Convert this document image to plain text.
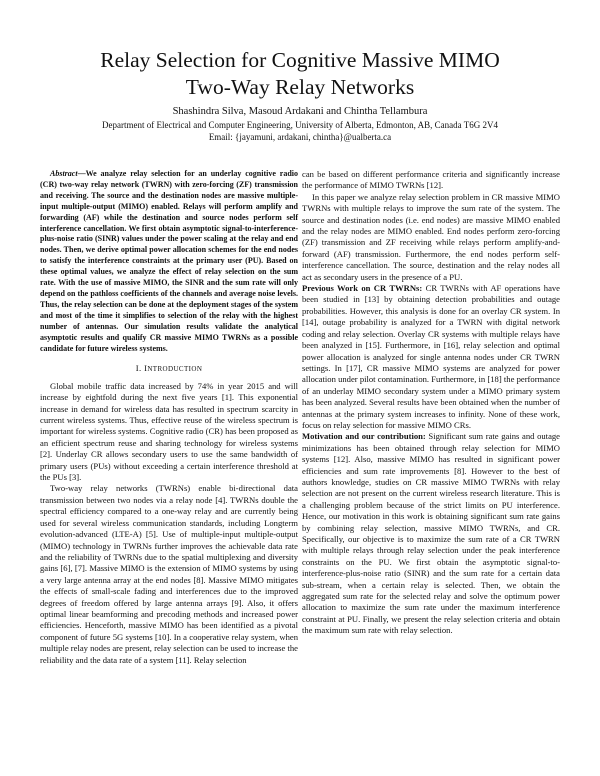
Relay Selection for Cognitive Massive MIMO
Two-Way Relay Networks
Shashindra Silva, Masoud Ardakani and Chintha Tellambura
Department of Electrical and Computer Engineering, University of Alberta, Edmonton, AB, Canada T6G 2V4
Email: {jayamuni, ardakani, chintha}@ualberta.ca

Abstract—We analyze relay selection for an underlay cognitive radio (CR) two-way relay network (TWRN) with zero-forcing (ZF) transmission and receiving. The source and the destination nodes are massive multiple-input multiple-output (MIMO) enabled. Relays will perform amplify and forwarding (AF) while the destination and source nodes perform self interference cancellation. We first obtain asymptotic signal-to-interference-plus-noise ratio (SINR) values under the power scaling at the relay and end nodes. Then, we derive optimal power allocation schemes for the end nodes to satisfy the interference constraints at the primary user (PU). Based on these optimal values, we analyze the effect of relay selection on the sum rate. With the use of massive MIMO, the SINR and the sum rate will only depend on the pathloss coefficients of the channels and average noise levels. Thus, the relay selection can be done at the deployment stages of the system and most of the time it simplifies to selection of the relay with the highest number of antennas. Our simulation results validate the analytical asymptotic results and qualify CR massive MIMO TWRNs as a possible candidate for future wireless systems.

I. INTRODUCTION

Global mobile traffic data increased by 74% in year 2015 and will increase by eightfold during the next five years [1]. This exponential increase in demand for wireless data has resulted in spectrum scarcity in current wireless systems. Thus, effective reuse of the wireless spectrum is important for wireless systems. Cognitive radio (CR) has been proposed as an efficient spectrum reuse and sharing technology for wireless systems [2]. Underlay CR allows secondary users to use the same bandwidth of primary users (PUs) without exceeding a certain interference threshold at the PUs [3].

Two-way relay networks (TWRNs) enable bi-directional data transmission between two nodes via a relay node [4]. TWRNs double the spectral efficiency compared to a one-way relay and are currently being used for several wireless communication standards, including Longterm evolution-advanced (LTE-A) [5]. Use of multiple-input multiple-output (MIMO) technology in TWRNs further improves the achievable data rate and the reliability of TWRNs due to the spatial multiplexing and diversity gains [6], [7]. Massive MIMO is the extension of MIMO systems by using a very large antenna array at the end nodes [8]. Massive MIMO mitigates the effects of small-scale fading and interferences due to the improved degrees of freedom offered by large antenna arrays [9]. Also, it offers optimal linear beamforming and precoding methods and increased power efficiencies. Henceforth, massive MIMO has been identified as a pivotal component of future 5G systems [10]. In a cooperative relay system, when multiple relay nodes are present, relay selection can be used to increase the reliability and the data rate of a system [11]. Relay selection

can be based on different performance criteria and significantly increase the performance of MIMO TWRNs [12].

In this paper we analyze relay selection problem in CR massive MIMO TWRNs with multiple relays to improve the sum rate of the system. The source and destination nodes (i.e. end nodes) are massive MIMO enabled and the relay nodes are MIMO enabled. End nodes perform zero-forcing (ZF) transmission and ZF receiving while relays perform amplify-and-forward (AF) transmission. Furthermore, the end nodes perform self-interference cancellation. The source, destination and the relay nodes all act as secondary users in the presence of a PU.

Previous Work on CR TWRNs: CR TWRNs with AF operations have been studied in [13] by obtaining detection probabilities and outage probabilities. However, this analysis is done for an overlay CR system. In [14], outage probability is analyzed for a TWRN with digital network coding and relay selection. Overlay CR systems with multiple relays have been analyzed in [15]. Furthermore, in [16], relay selection and optimal power allocation is analyzed for single antenna nodes under CR TWRN settings. In [17], CR massive MIMO systems are analyzed for power allocation under pilot contamination. Furthermore, in [18] the performance of an underlay MIMO secondary system under a MIMO primary system has been analyzed. Several results have been obtained when the number of antennas at the primary system increases to infinity. None of these work, focus on relay selection for massive MIMO CRs.

Motivation and our contribution: Significant sum rate gains and outage minimizations has been obtained through relay selection for MIMO systems [12]. Also, massive MIMO has resulted in significant power efficiencies and sum rate improvements [8]. However to the best of authors knowledge, studies on CR massive MIMO TWRNs with relay selection are not present on the current wireless research literature. This is a challenging problem because of the strict limits on PU interference. Hence, our motivation in this work is obtaining significant sum rate gains by combining relay selection, massive MIMO TWRNs, and CR. Specifically, our objective is to maximize the sum rate of a CR TWRN with multiple relays through relay selection under the peak interference constraints on the PU. We first obtain the asymptotic signal-to-interference-plus-noise ratio (SINR) and the sum rate for a certain data sub-stream, when a certain relay is selected. Then, we obtain the aggregated sum rate for the selected relay and solve the optimum power allocation to maximize the sum rate under the maximum interference constraint at PU. Finally, we present the relay selection criteria and obtain the maximum sum rate with relay selection.
